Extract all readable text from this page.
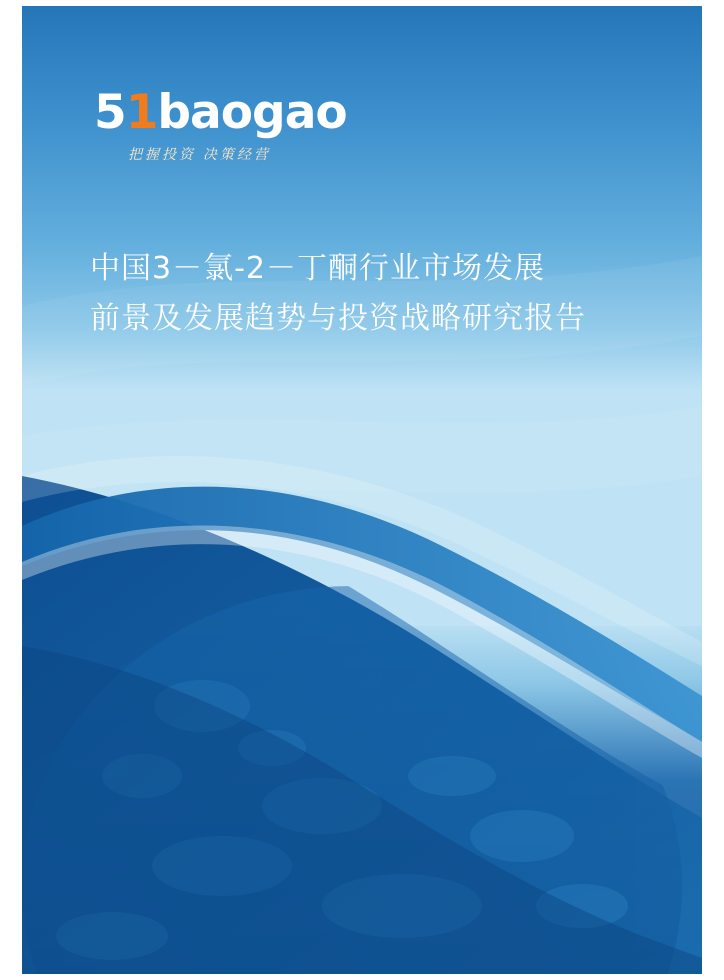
51baogao
把握投资 决策经营
中国3－氯-2－丁酮行业市场发展
前景及发展趋势与投资战略研究报告
